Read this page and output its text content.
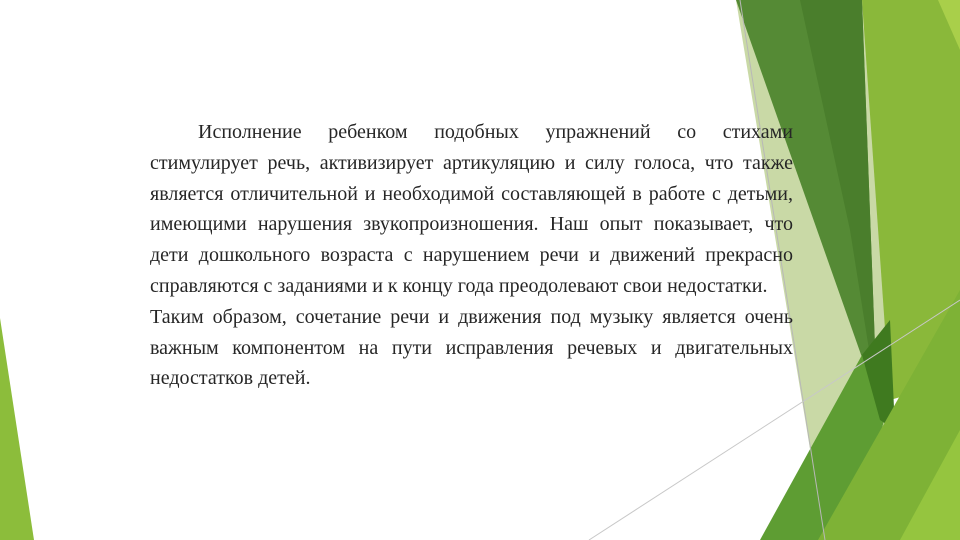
Исполнение ребенком подобных упражнений со стихами стимулирует речь, активизирует артикуляцию и силу голоса, что также является отличительной и необходимой составляющей в работе с детьми, имеющими нарушения звукопроизношения. Наш опыт показывает, что дети дошкольного возраста с нарушением речи и движений прекрасно справляются с заданиями и к концу года преодолевают свои недостатки.

Таким образом, сочетание речи и движения под музыку является очень важным компонентом на пути исправления речевых и двигательных недостатков детей.
